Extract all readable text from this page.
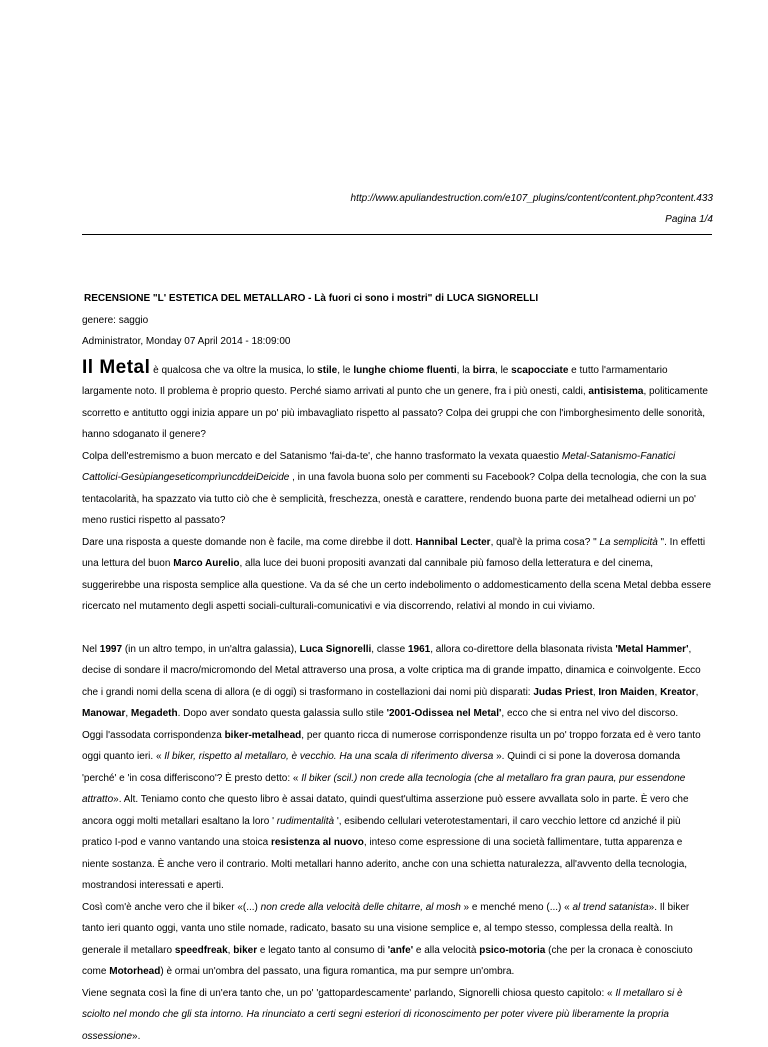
http://www.apuliandestruction.com/e107_plugins/content/content.php?content.433
Pagina 1/4
RECENSIONE "L' ESTETICA DEL METALLARO - Là fuori ci sono i mostri" di LUCA SIGNORELLI
genere: saggio
Administrator, Monday 07 April 2014 - 18:09:00
Il Metal è qualcosa che va oltre la musica, lo stile, le lunghe chiome fluenti, la birra, le scapocciate e tutto l'armamentario largamente noto. Il problema è proprio questo. Perché siamo arrivati al punto che un genere, fra i più onesti, caldi, antisistema, politicamente scorretto e antitutto oggi inizia appare un po' più imbavagliato rispetto al passato? Colpa dei gruppi che con l'imborghesimento delle sonorità, hanno sdoganato il genere?
Colpa dell'estremismo a buon mercato e del Satanismo 'fai-da-te', che hanno trasformato la vexata quaestio Metal-Satanismo-Fanatici Cattolici-GesùpiangeseticomprìuncddeiDeicide , in una favola buona solo per commenti su Facebook? Colpa della tecnologia, che con la sua tentacolarità, ha spazzato via tutto ciò che è semplicità, freschezza, onestà e carattere, rendendo buona parte dei metalhead odierni un po' meno rustici rispetto al passato?
Dare una risposta a queste domande non è facile, ma come direbbe il dott. Hannibal Lecter, qual'è la prima cosa? " La semplicità ". In effetti una lettura del buon Marco Aurelio, alla luce dei buoni propositi avanzati dal cannibale più famoso della letteratura e del cinema, suggerirebbe una risposta semplice alla questione. Va da sé che un certo indebolimento o addomesticamento della scena Metal debba essere ricercato nel mutamento degli aspetti sociali-culturali-comunicativi e via discorrendo, relativi al mondo in cui viviamo.
Nel 1997 (in un altro tempo, in un'altra galassia), Luca Signorelli, classe 1961, allora co-direttore della blasonata rivista 'Metal Hammer', decise di sondare il macro/micromondo del Metal attraverso una prosa, a volte criptica ma di grande impatto, dinamica e coinvolgente. Ecco che i grandi nomi della scena di allora (e di oggi) si trasformano in costellazioni dai nomi più disparati: Judas Priest, Iron Maiden, Kreator, Manowar, Megadeth. Dopo aver sondato questa galassia sullo stile '2001-Odissea nel Metal', ecco che si entra nel vivo del discorso.
Oggi l'assodata corrispondenza biker-metalhead, per quanto ricca di numerose corrispondenze risulta un po' troppo forzata ed è vero tanto oggi quanto ieri. « Il biker, rispetto al metallaro, è vecchio. Ha una scala di riferimento diversa ». Quindi ci si pone la doverosa domanda 'perché' e 'in cosa differiscono'? È presto detto: « Il biker (scil.) non crede alla tecnologia (che al metallaro fra gran paura, pur essendone attratto». Alt. Teniamo conto che questo libro è assai datato, quindi quest'ultima asserzione può essere avvallata solo in parte. È vero che ancora oggi molti metallari esaltano la loro ' rudimentalità ', esibendo cellulari veterotestamentari, il caro vecchio lettore cd anziché il più pratico I-pod e vanno vantando una stoica resistenza al nuovo, inteso come espressione di una società fallimentare, tutta apparenza e niente sostanza. È anche vero il contrario. Molti metallari hanno aderito, anche con una schietta naturalezza, all'avvento della tecnologia, mostrandosi interessati e aperti.
Così com'è anche vero che il biker «(...) non crede alla velocità delle chitarre, al mosh » e menché meno (...) « al trend satanista». Il biker tanto ieri quanto oggi, vanta uno stile nomade, radicato, basato su una visione semplice e, al tempo stesso, complessa della realtà. In generale il metallaro speedfreak, biker e legato tanto al consumo di 'anfe' e alla velocità psico-motoria (che per la cronaca è conosciuto come Motorhead) è ormai un'ombra del passato, una figura romantica, ma pur sempre un'ombra.
Viene segnata così la fine di un'era tanto che, un po' 'gattopardescamente' parlando, Signorelli chiosa questo capitolo: « Il metallaro si è sciolto nel mondo che gli sta intorno. Ha rinunciato a certi segni esteriori di riconoscimento per poter vivere più liberamente la propria ossessione».
